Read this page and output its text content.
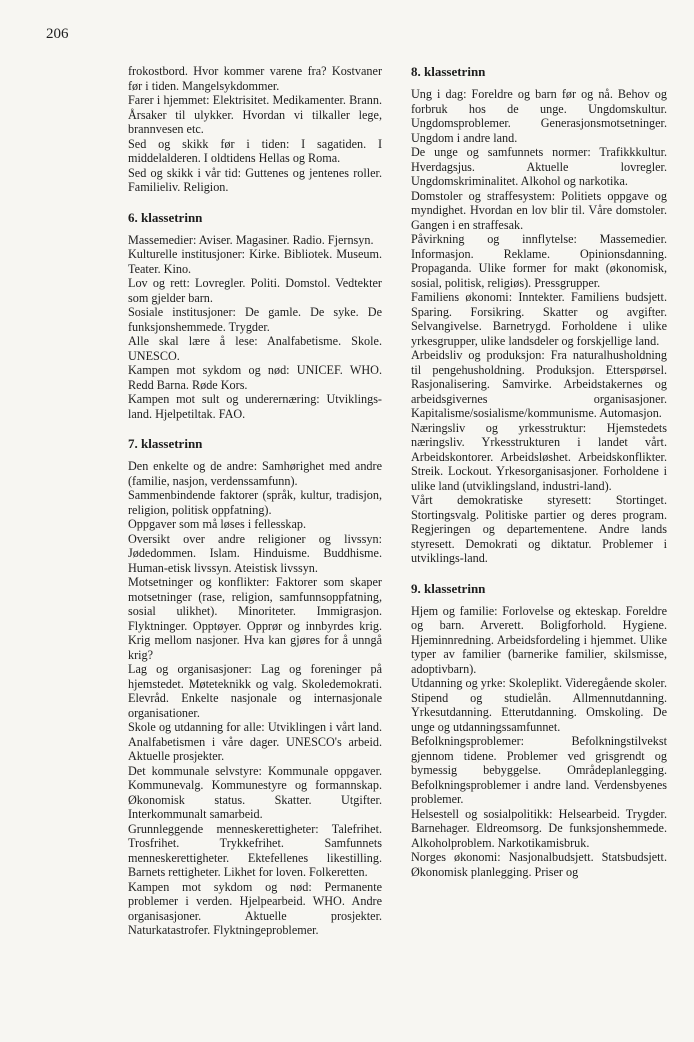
206

frokostbord. Hvor kommer varene fra? Kostvaner før i tiden. Mangelsykdommer.

Farer i hjemmet: Elektrisitet. Medikamenter. Brann. Årsaker til ulykker. Hvordan vi tilkaller lege, brannvesen etc.

Sed og skikk før i tiden: I sagatiden. I middelalderen. I oldtidens Hellas og Roma.

Sed og skikk i vår tid: Guttenes og jentenes roller. Familieliv. Religion.

6. klassetrinn

Massemedier: Aviser. Magasiner. Radio. Fjernsyn.

Kulturelle institusjoner: Kirke. Bibliotek. Museum. Teater. Kino.

Lov og rett: Lovregler. Politi. Domstol. Vedtekter som gjelder barn.

Sosiale institusjoner: De gamle. De syke. De funksjonshemmede. Trygder.

Alle skal lære å lese: Analfabetisme. Skole. UNESCO.

Kampen mot sykdom og nød: UNICEF. WHO. Redd Barna. Røde Kors.

Kampen mot sult og underernæring: Utviklings-land. Hjelpetiltak. FAO.

7. klassetrinn

Den enkelte og de andre: Samhørighet med andre (familie, nasjon, verdenssamfunn).

Sammenbindende faktorer (språk, kultur, tradisjon, religion, politisk oppfatning).

Oppgaver som må løses i fellesskap.

Oversikt over andre religioner og livssyn: Jødedommen. Islam. Hinduisme. Buddhisme. Human-etisk livssyn. Ateistisk livssyn.

Motsetninger og konflikter: Faktorer som skaper motsetninger (rase, religion, samfunnsoppfatning, sosial ulikhet). Minoriteter. Immigrasjon. Flyktninger. Opptøyer. Opprør og innbyrdes krig. Krig mellom nasjoner. Hva kan gjøres for å unngå krig?

Lag og organisasjoner: Lag og foreninger på hjemstedet. Møteteknikk og valg. Skoledemokrati. Elevråd. Enkelte nasjonale og internasjonale organisationer.

Skole og utdanning for alle: Utviklingen i vårt land. Analfabetismen i våre dager. UNESCO's arbeid. Aktuelle prosjekter.

Det kommunale selvstyre: Kommunale oppgaver. Kommunevalg. Kommunestyre og formannskap. Økonomisk status. Skatter. Utgifter. Interkommunalt samarbeid.

Grunnleggende menneskerettigheter: Talefrihet. Trosfrihet. Trykkefrihet. Samfunnets menneskerettigheter. Ektefellenes likestilling. Barnets rettigheter. Likhet for loven. Folkeretten.

Kampen mot sykdom og nød: Permanente problemer i verden. Hjelpearbeid. WHO. Andre organisasjoner. Aktuelle prosjekter. Naturkatastrofer. Flyktningeproblemer.

8. klassetrinn

Ung i dag: Foreldre og barn før og nå. Behov og forbruk hos de unge. Ungdomskultur. Ungdomsproblemer. Generasjonsmotsetninger. Ungdom i andre land.

De unge og samfunnets normer: Trafikkkultur. Hverdagsjus. Aktuelle lovregler. Ungdomskriminalitet. Alkohol og narkotika.

Domstoler og straffesystem: Politiets oppgave og myndighet. Hvordan en lov blir til. Våre domstoler. Gangen i en straffesak.

Påvirkning og innflytelse: Massemedier. Informasjon. Reklame. Opinionsdanning. Propaganda. Ulike former for makt (økonomisk, sosial, politisk, religiøs). Pressgrupper.

Familiens økonomi: Inntekter. Familiens budsjett. Sparing. Forsikring. Skatter og avgifter. Selvangivelse. Barnetrygd. Forholdene i ulike yrkesgrupper, ulike landsdeler og forskjellige land.

Arbeidsliv og produksjon: Fra naturalhusholdning til pengehusholdning. Produksjon. Etterspørsel. Rasjonalisering. Samvirke. Arbeidstakernes og arbeidsgivernes organisasjoner. Kapitalisme/sosialisme/kommunisme. Automasjon.

Næringsliv og yrkesstruktur: Hjemstedets næringsliv. Yrkesstrukturen i landet vårt. Arbeidskontorer. Arbeidsløshet. Arbeidskonflikter. Streik. Lockout. Yrkesorganisasjoner. Forholdene i ulike land (utviklingsland, industri-land).

Vårt demokratiske styresett: Stortinget. Stortingsvalg. Politiske partier og deres program. Regjeringen og departementene. Andre lands styresett. Demokrati og diktatur. Problemer i utviklings-land.

9. klassetrinn

Hjem og familie: Forlovelse og ekteskap. Foreldre og barn. Arverett. Boligforhold. Hygiene. Hjeminnredning. Arbeidsfordeling i hjemmet. Ulike typer av familier (barnerike familier, skilsmisse, adoptivbarn).

Utdanning og yrke: Skoleplikt. Videregående skoler. Stipend og studielån. Allmennutdanning. Yrkesutdanning. Etterutdanning. Omskoling. De unge og utdanningssamfunnet.

Befolkningsproblemer: Befolkningstilvekst gjennom tidene. Problemer ved grisgrendt og bymessig bebyggelse. Områdeplanlegging. Befolkningsproblemer i andre land. Verdensbyenes problemer.

Helsestell og sosialpolitikk: Helsearbeid. Trygder. Barnehager. Eldreomsorg. De funksjonshemmede. Alkoholproblem. Narkotikamisbruk.

Norges økonomi: Nasjonalbudsjett. Statsbudsjett. Økonomisk planlegging. Priser og
